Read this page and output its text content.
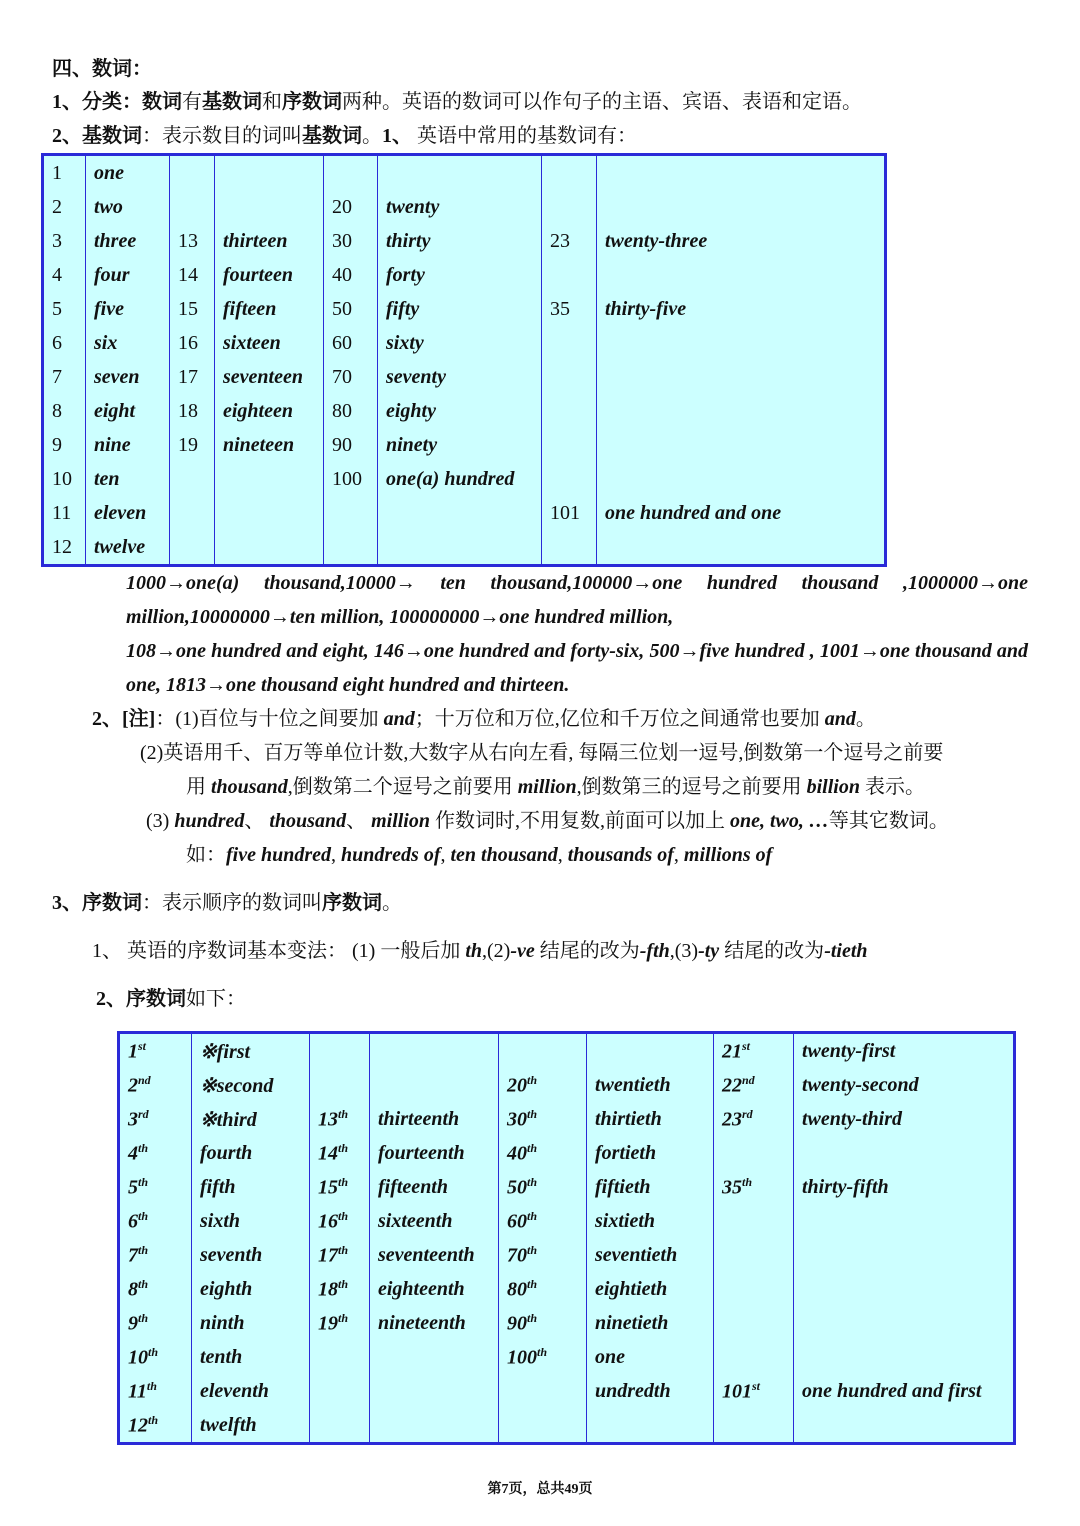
四、数词：
1、分类：数词有基数词和序数词两种。英语的数词可以作句子的主语、宾语、表语和定语。
2、基数词：表示数目的词叫基数词。1、 英语中常用的基数词有：
1	one						
2	two			20	twenty		
3	three	13	thirteen	30	thirty	23	twenty-three
4	four	14	fourteen	40	forty		
5	five	15	fifteen	50	fifty	35	thirty-five
6	six	16	sixteen	60	sixty		
7	seven	17	seventeen	70	seventy		
8	eight	18	eighteen	80	eighty		
9	nine	19	nineteen	90	ninety		
10	ten			100	one(a) hundred		
11	eleven					101	one hundred and one
12	twelve						
1000→one(a) thousand,10000→ ten thousand,100000→one hundred thousand ,1000000→one million,10000000→ten million, 100000000→one hundred million,
108→one hundred and eight, 146→one hundred and forty-six, 500→five hundred , 1001→one thousand and one, 1813→one thousand eight hundred and thirteen.
2、[注]：(1)百位与十位之间要加 and；十万位和万位,亿位和千万位之间通常也要加 and。
(2)英语用千、百万等单位计数,大数字从右向左看, 每隔三位划一逗号,倒数第一个逗号之前要
用 thousand,倒数第二个逗号之前要用 million,倒数第三的逗号之前要用 billion 表示。
(3) hundred、 thousand、 million 作数词时,不用复数,前面可以加上 one, two, …等其它数词。
如：five hundred, hundreds of, ten thousand, thousands of, millions of
3、序数词：表示顺序的数词叫序数词。
1、 英语的序数词基本变法： (1) 一般后加 th,(2)-ve 结尾的改为-fth,(3)-ty 结尾的改为-tieth
2、序数词如下：
1st	※first					21st	twenty-first
2nd	※second			20th	twentieth	22nd	twenty-second
3rd	※third	13th	thirteenth	30th	thirtieth	23rd	twenty-third
4th	fourth	14th	fourteenth	40th	fortieth		
5th	fifth	15th	fifteenth	50th	fiftieth	35th	thirty-fifth
6th	sixth	16th	sixteenth	60th	sixtieth		
7th	seventh	17th	seventeenth	70th	seventieth		
8th	eighth	18th	eighteenth	80th	eightieth		
9th	ninth	19th	nineteenth	90th	ninetieth		
10th	tenth			100th	one		
11th	eleventh				undredth	101st	one hundred and first
12th	twelfth						
第7页，总共49页
